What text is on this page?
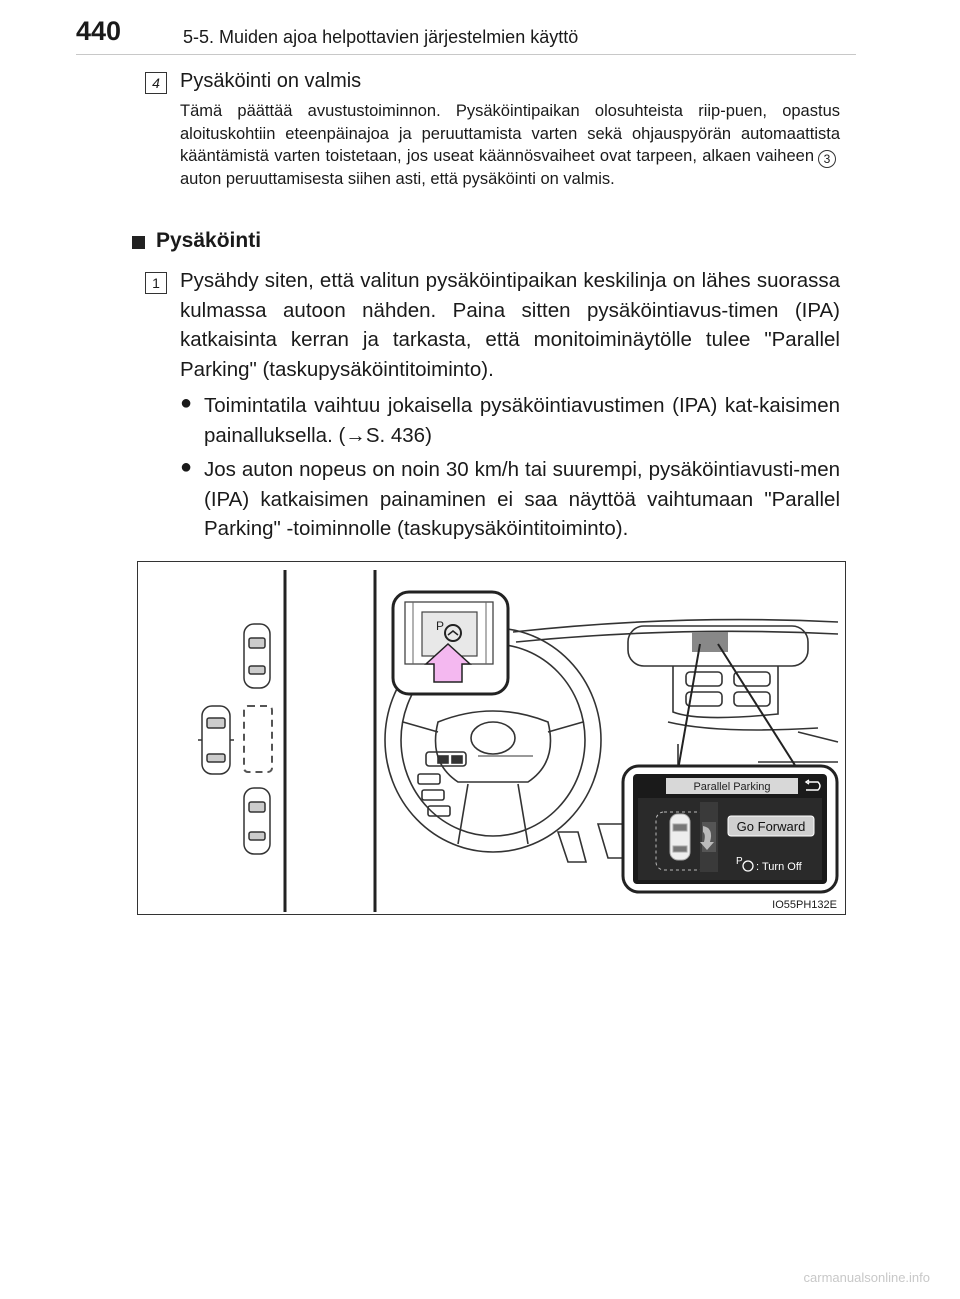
440	5-5. Muiden ajoa helpottavien järjestelmien käyttö
4	Pysäköinti on valmis
Tämä päättää avustustoiminnon. Pysäköintipaikan olosuhteista riip-puen, opastus aloituskohtiin eteenpäinajoa ja peruuttamista varten sekä ohjauspyörän automaattista kääntämistä varten toistetaan, jos useat käännösvaiheet ovat tarpeen, alkaen vaiheen 3auton peruuttamisesta siihen asti, että pysäköinti on valmis.
Pysäköinti
1 Pysähdy siten, että valitun pysäköintipaikan keskilinja on lähes suorassa kulmassa autoon nähden. Paina sitten pysäköintiavus-timen (IPA) katkaisinta kerran ja tarkasta, että monitoiminäytölle tulee "Parallel Parking" (taskupysäköintitoiminto).
● Toimintatila vaihtuu jokaisella pysäköintiavustimen (IPA) kat-kaisimen painalluksella. (→S. 436)
● Jos auton nopeus on noin 30 km/h tai suurempi, pysäköintiavusti-men (IPA) katkaisimen painaminen ei saa näyttöä vaihtumaan "Parallel Parking" -toiminnolle (taskupysäköintitoiminto).
P
Parallel Parking
Go Forward
P : Turn Off
IO55PH132E
carmanualsonline.info
